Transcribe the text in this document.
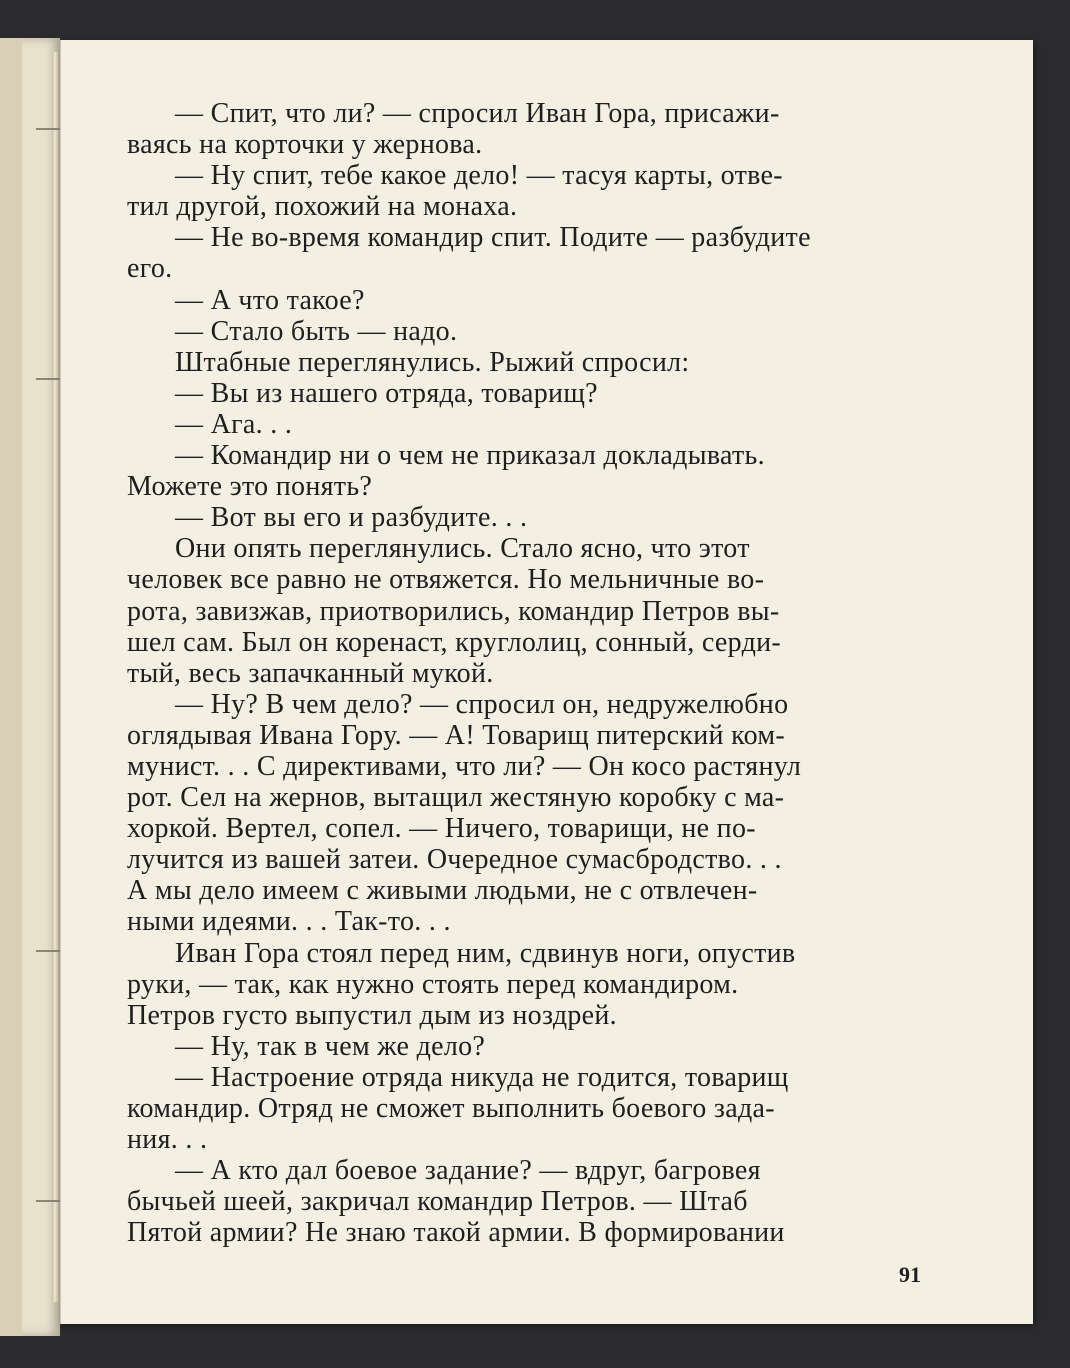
— Спит, что ли? — спросил Иван Гора, присажи-

ваясь на корточки у жернова.

— Ну спит, тебе какое дело! — тасуя карты, отве-

тил другой, похожий на монаха.

— Не во-время командир спит. Подите — разбудите

его.

— А что такое?

— Стало быть — надо.

Штабные переглянулись. Рыжий спросил:

— Вы из нашего отряда, товарищ?

— Ага. . .

— Командир ни о чем не приказал докладывать.

Можете это понять?

— Вот вы его и разбудите. . .

Они опять переглянулись. Стало ясно, что этот

человек все равно не отвяжется. Но мельничные во-

рота, завизжав, приотворились, командир Петров вы-

шел сам. Был он коренаст, круглолиц, сонный, серди-

тый, весь запачканный мукой.

— Ну? В чем дело? — спросил он, недружелюбно

оглядывая Ивана Гору. — А! Товарищ питерский ком-

мунист. . . С директивами, что ли? — Он косо растянул

рот. Сел на жернов, вытащил жестяную коробку с ма-

хоркой. Вертел, сопел. — Ничего, товарищи, не по-

лучится из вашей затеи. Очередное сумасбродство. . .

А мы дело имеем с живыми людьми, не с отвлечен-

ными идеями. . . Так-то. . .

Иван Гора стоял перед ним, сдвинув ноги, опустив

руки, — так, как нужно стоять перед командиром.

Петров густо выпустил дым из ноздрей.

— Ну, так в чем же дело?

— Настроение отряда никуда не годится, товарищ

командир. Отряд не сможет выполнить боевого зада-

ния. . .

— А кто дал боевое задание? — вдруг, багровея

бычьей шеей, закричал командир Петров. — Штаб

Пятой армии? Не знаю такой армии. В формировании

91
